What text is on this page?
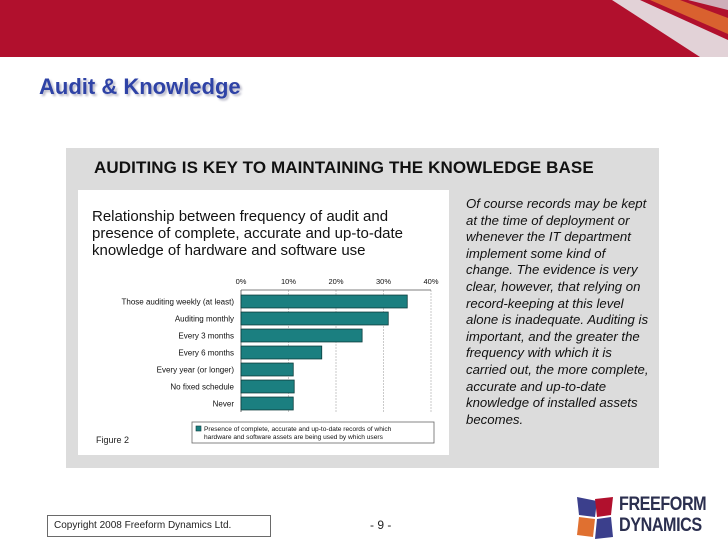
Audit & Knowledge
AUDITING IS KEY TO MAINTAINING THE KNOWLEDGE BASE
Relationship between frequency of audit and presence of complete, accurate and up-to-date knowledge of hardware and software use
0%	10%	20%	30%	40%
Those auditing weekly (at least)
Auditing monthly
Every 3 months
Every 6 months
Every year (or longer)
No fixed schedule
Never
Presence of complete, accurate and up-to-date records of which
hardware and software assets are being used by which users
Figure 2
Of course records may be kept at the time of deployment or whenever the IT department implement some kind of change. The evidence is very clear, however, that relying on record-keeping at this level alone is inadequate. Auditing is important, and the greater the frequency with which it is carried out, the more complete, accurate and up-to-date knowledge of installed assets becomes.
Copyright 2008 Freeform Dynamics Ltd.	- 9 -
FREEFORM
DYNAMICS
